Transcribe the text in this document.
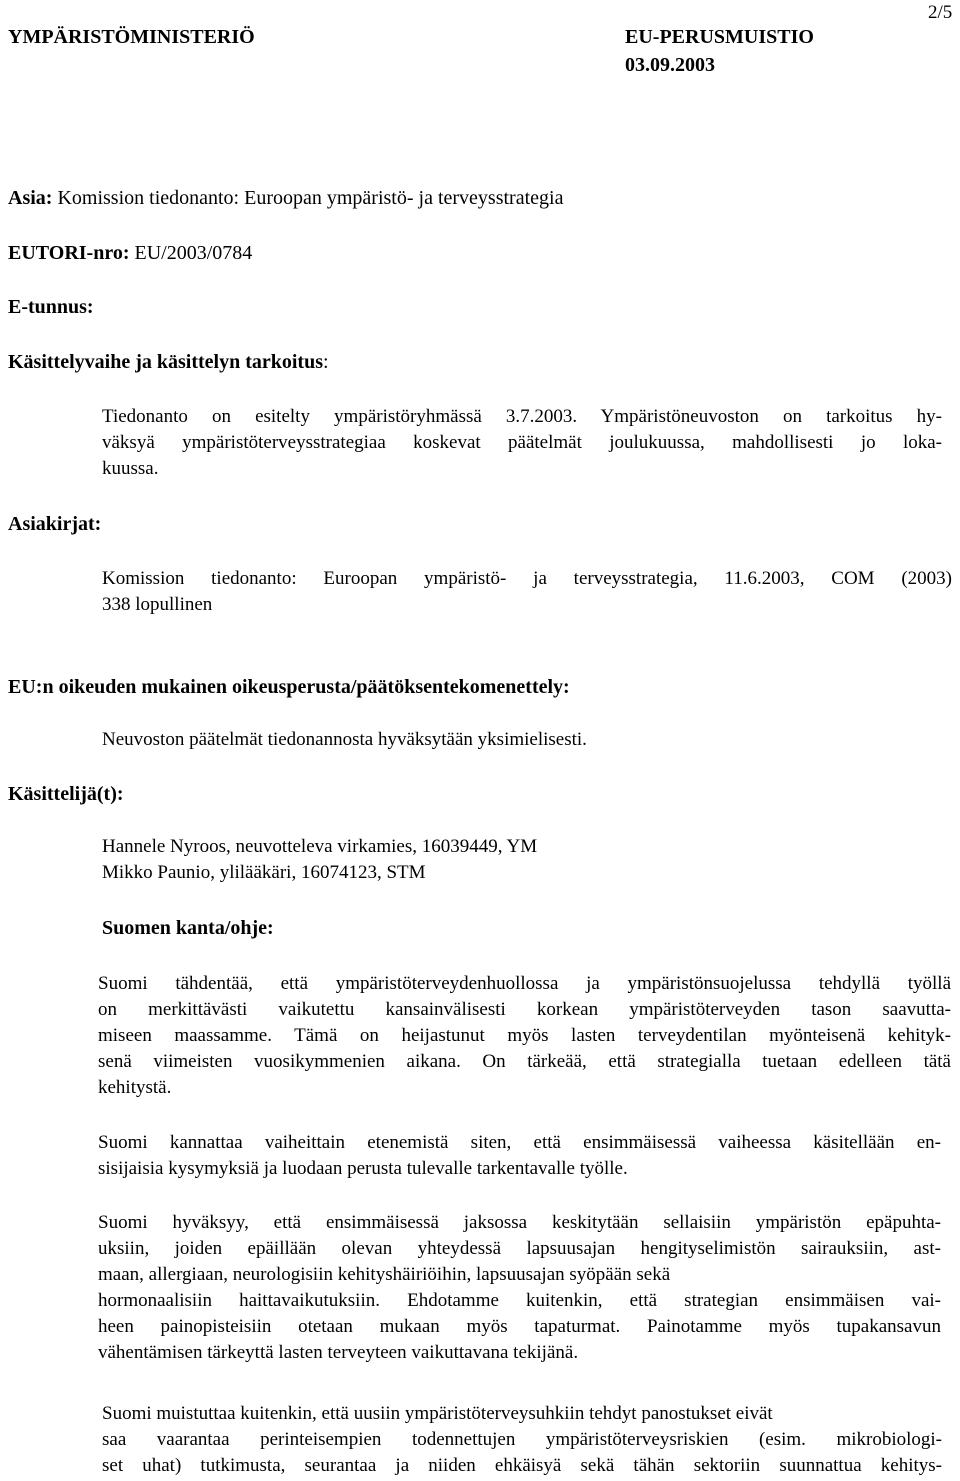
YMPÄRISTÖMINISTERIÖ	EU-PERUSMUISTIO
03.09.2003
2/5
Asia: Komission tiedonanto: Euroopan ympäristö- ja terveysstrategia
EUTORI-nro: EU/2003/0784
E-tunnus:
Käsittelyvaihe ja käsittelyn tarkoitus:
Tiedonanto on esitelty ympäristöryhmässä 3.7.2003. Ympäristöneuvoston on tarkoitus hy-
väksyä ympäristöterveysstrategiaa koskevat päätelmät joulukuussa, mahdollisesti jo loka-
kuussa.
Asiakirjat:
Komission tiedonanto: Euroopan ympäristö- ja terveysstrategia, 11.6.2003, COM (2003)
338 lopullinen
EU:n oikeuden mukainen oikeusperusta/päätöksentekomenettely:
Neuvoston päätelmät tiedonannosta hyväksytään yksimielisesti.
Käsittelijä(t):
Hannele Nyroos, neuvotteleva virkamies, 16039449, YM
Mikko Paunio, ylilääkäri, 16074123, STM
Suomen kanta/ohje:
Suomi tähdentää, että ympäristöterveydenhuollossa ja ympäristönsuojelussa tehdyllä työllä
on merkittävästi vaikutettu kansainvälisesti korkean ympäristöterveyden tason saavutta-
miseen maassamme. Tämä on heijastunut myös lasten terveydentilan myönteisenä kehityk-
senä viimeisten vuosikymmenien aikana. On tärkeää, että strategialla tuetaan edelleen tätä
kehitystä.
Suomi kannattaa vaiheittain etenemistä siten, että ensimmäisessä vaiheessa käsitellään en-
sisijaisia kysymyksiä ja luodaan perusta tulevalle tarkentavalle työlle.
Suomi hyväksyy, että ensimmäisessä jaksossa keskitytään sellaisiin ympäristön epäpuhta-
uksiin, joiden epäillään olevan yhteydessä lapsuusajan hengityselimistön sairauksiin, ast-
maan, allergiaan, neurologisiin kehityshäiriöihin, lapsuusajan syöpään sekä
hormonaalisiin haittavaikutuksiin. Ehdotamme kuitenkin, että strategian ensimmäisen vai-
heen painopisteisiin otetaan mukaan myös tapaturmat. Painotamme myös tupakansavun
vähentämisen tärkeyttä lasten terveyteen vaikuttavana tekijänä.
Suomi muistuttaa kuitenkin, että uusiin ympäristöterveysuhkiin tehdyt panostukset eivät
saa vaarantaa perinteisempien todennettujen ympäristöterveysriskien (esim. mikrobiologi-
set uhat) tutkimusta, seurantaa ja niiden ehkäisyä sekä tähän sektoriin suunnattua kehitys-
